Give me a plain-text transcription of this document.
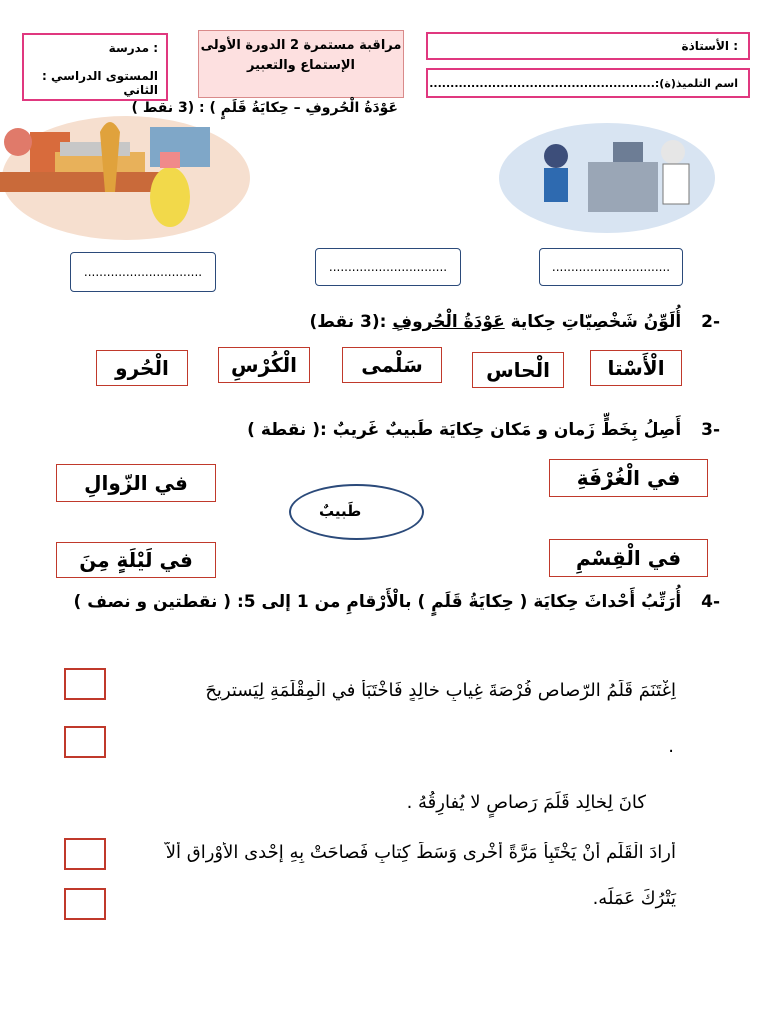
: مدرسة
المستوى الدراسي : الثاني
مراقبة مستمرة 2 الدورة الأولى
الإستماع والتعبير
: الأستاذة
اسم التلميذ(ة):......................................................
عَوْدَةُ الْحُروفِ – حِكايَةُ قَلَمٍ ) : (3 نقط )
...............................	...............................	...............................
-2 أُلَوِّنُ شَخْصِيّاتِ حِكاية عَوْدَةُ الْحُروفِ :(3 نقط)
الْأَسْتا
الْحاس
سَلْمى
الْكُرْسِ
الْحُرو
-3 أَصِلُ بِخَطٍّ زَمان و مَكان حِكايَة طَبيبٌ غَريبٌ :( نقطة )
في الْغُرْفَةِ
في الْقِسْمِ
في الزّوالِ
في لَيْلَةٍ مِنَ
طَبيبٌ
-4 أُرَتِّبُ أَحْداثَ حِكايَة ( حِكايَةُ قَلَمٍ ) بالْأَرْقامِ من 1 إلى 5: ( نقطتين و نصف )
اِغْتَنَمَ قَلَمُ الرّصاصِ فُرْصَةَ غِيابِ خالِدٍ فَاخْتَبَأَ في الْمِقْلَمَةِ لِيَستريحَ
.
كانَ لِخالِد قَلَمَ رَصاصٍ لا يُفارِقُهُ .
أَرادَ الْقَلَم أَنْ يَخْتَبِأَ مَرَّةً أُخْرى وَسَطَ كِتابٍ فَصاحَتْ بِهِ إِحْدى الأَوْراقِ أَلاّ
يَتْرُكَ عَمَلَه.
